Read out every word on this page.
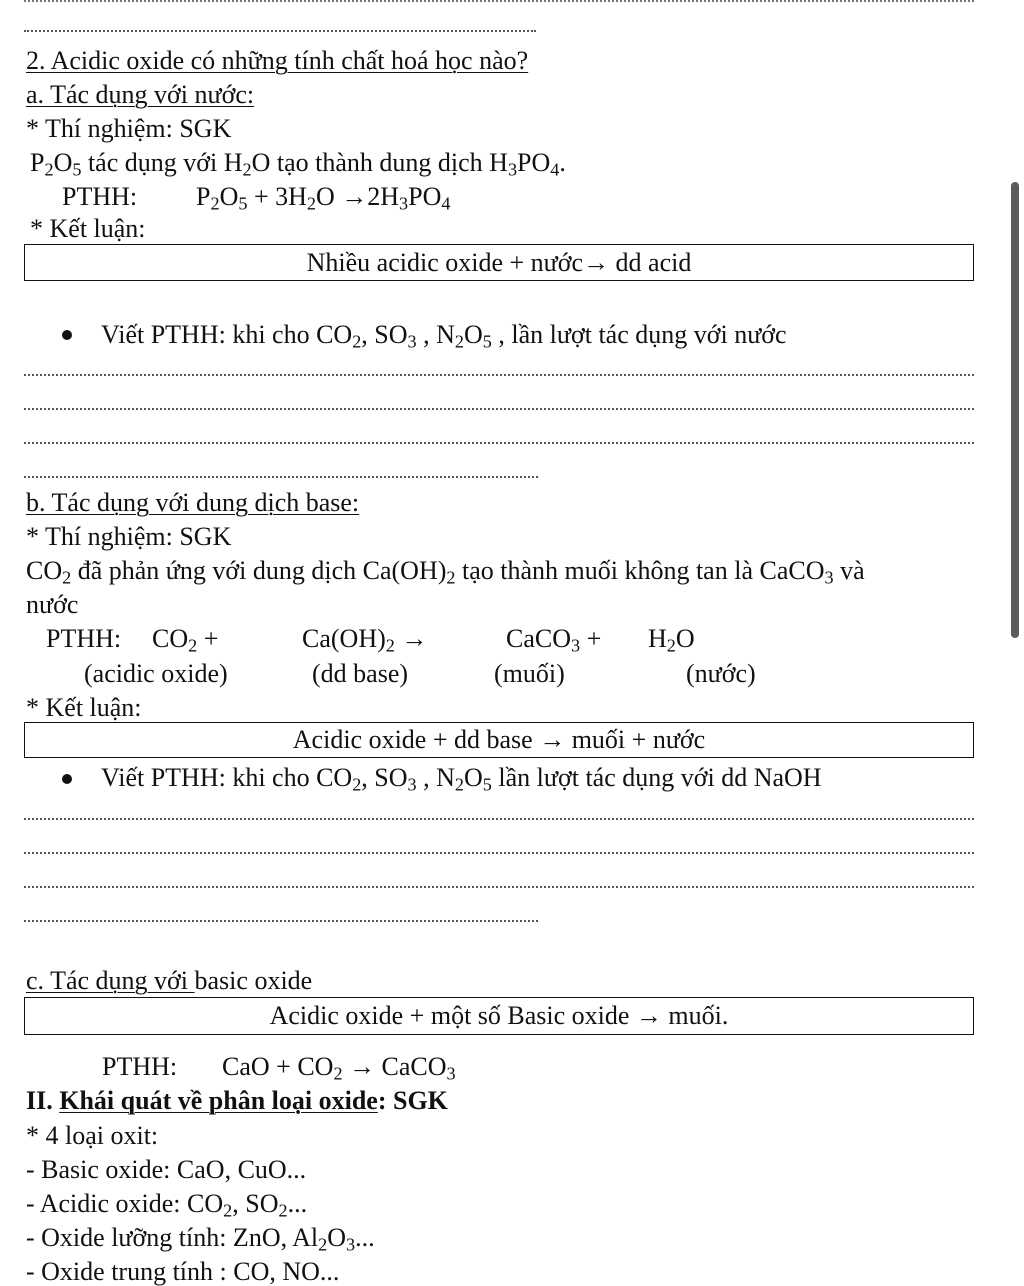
2. Acidic oxide có những tính chất hoá học nào?
a. Tác dụng với nước:
* Thí nghiệm: SGK
$P_2O_5$ tác dụng với $H_2O$ tạo thành dung dịch $H_3PO_4$.
PTHH: $P_2O_5 + 3H_2O \to 2H_3PO_4$
* Kết luận:
Nhiều acidic oxide + nước→ dd acid
Viết PTHH: khi cho $CO_2$, $SO_3$ , $N_2O_5$ , lần lượt tác dụng với nước
b. Tác dụng với dung dịch base:
* Thí nghiệm: SGK
$CO_2$ đã phản ứng với dung dịch $Ca(OH)_2$ tạo thành muối không tan là CaCO$_3$ và
nước
PTHH: $CO_2$ +	$Ca(OH)_2$ →	CaCO$_3$ + $H_2O$
(acidic oxide)	(dd base)	(muối)	(nước)
* Kết luận:
Acidic oxide + dd base → muối + nước
Viết PTHH: khi cho $CO_2$, $SO_3$ , $N_2O_5$ lần lượt tác dụng với dd NaOH
c. Tác dụng với basic oxide
Acidic oxide + một số Basic oxide → muối.
PTHH: CaO + $CO_2$ → CaCO$_3$
II. Khái quát về phân loại oxide: SGK
* 4 loại oxit:
- Basic oxide: CaO, CuO...
- Acidic oxide: $CO_2$, $SO_2$...
- Oxide lưỡng tính: ZnO, $Al_2O_3$...
- Oxide trung tính : CO, NO...
